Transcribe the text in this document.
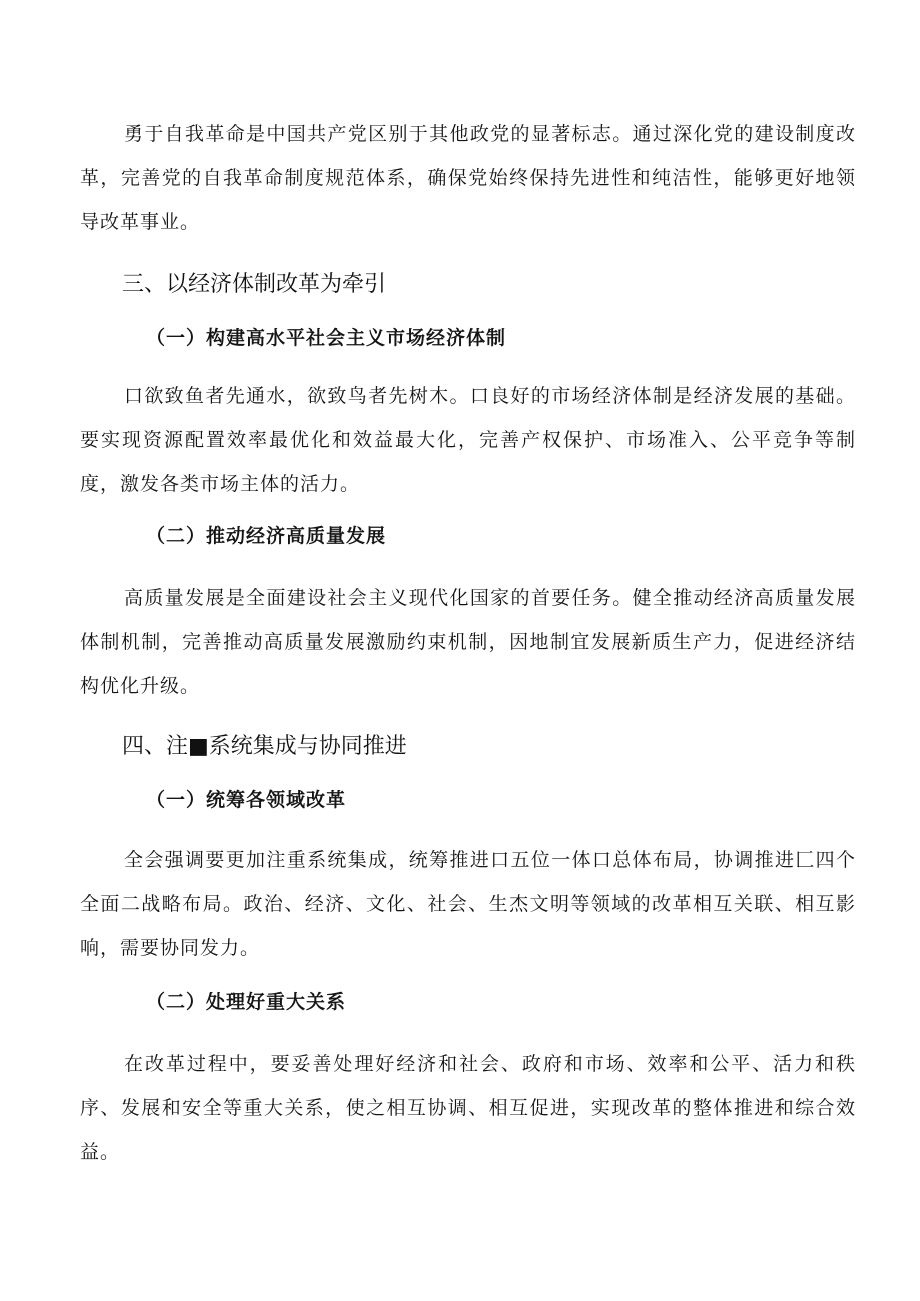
勇于自我革命是中国共产党区别于其他政党的显著标志。通过深化党的建设制度改革，完善党的自我革命制度规范体系，确保党始终保持先进性和纯洁性，能够更好地领导改革事业。

三、以经济体制改革为牵引
（一）构建高水平社会主义市场经济体制

口欲致鱼者先通水，欲致鸟者先树木。口良好的市场经济体制是经济发展的基础。要实现资源配置效率最优化和效益最大化，完善产权保护、市场准入、公平竞争等制度，激发各类市场主体的活力。

（二）推动经济高质量发展

高质量发展是全面建设社会主义现代化国家的首要任务。健全推动经济高质量发展体制机制，完善推动高质量发展激励约束机制，因地制宜发展新质生产力，促进经济结构优化升级。

四、注■系统集成与协同推进
（一）统筹各领域改革

全会强调要更加注重系统集成，统筹推进口五位一体口总体布局，协调推进匚四个全面二战略布局。政治、经济、文化、社会、生杰文明等领域的改革相互关联、相互影响，需要协同发力。

（二）处理好重大关系

在改革过程中，要妥善处理好经济和社会、政府和市场、效率和公平、活力和秩序、发展和安全等重大关系，使之相互协调、相互促进，实现改革的整体推进和综合效益。
